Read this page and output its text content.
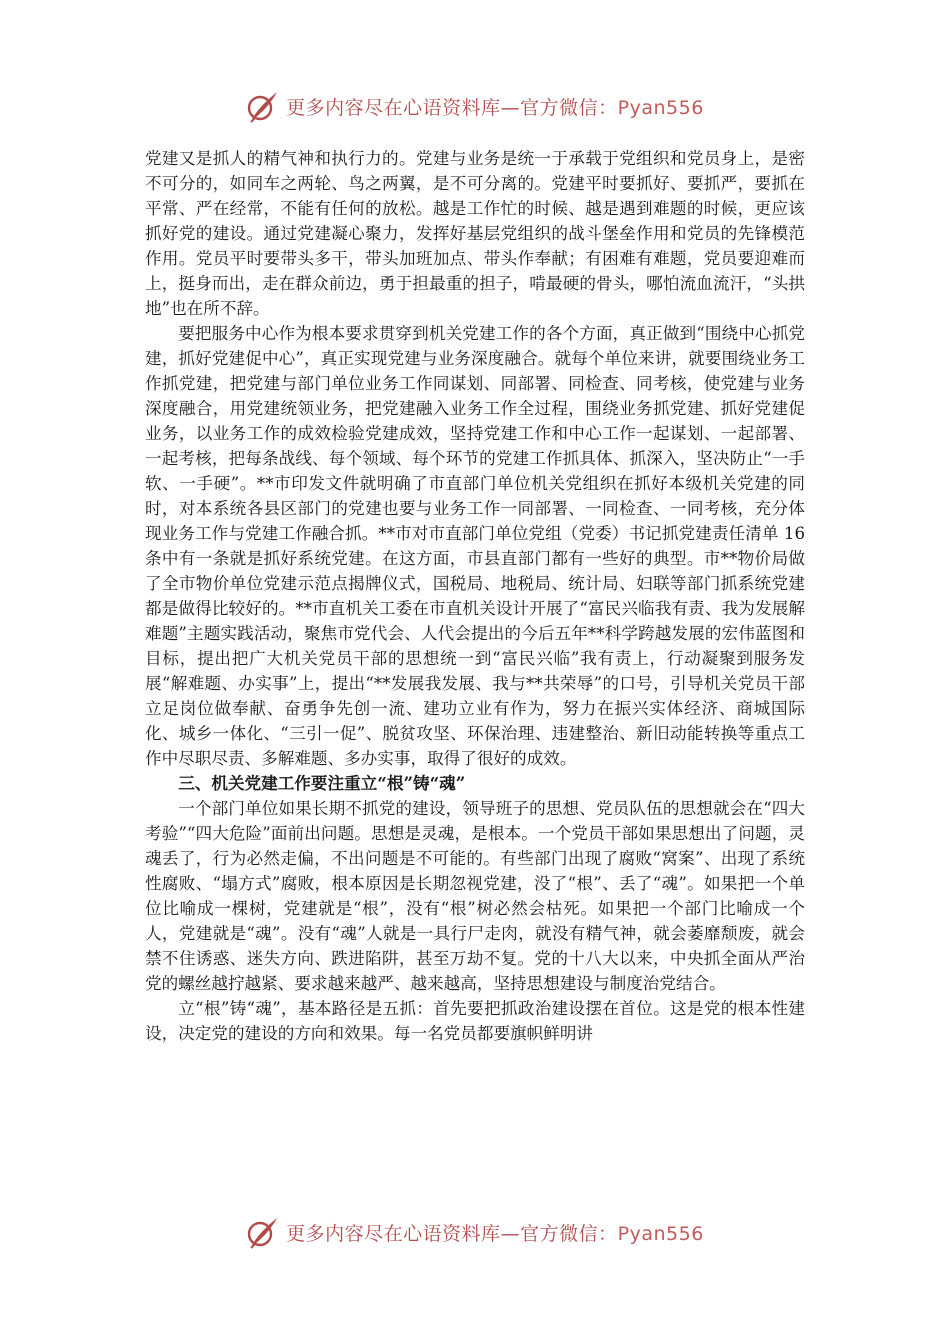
更多内容尽在心语资料库—官方微信：Pyan556

党建又是抓人的精气神和执行力的。党建与业务是统一于承载于党组织和党员身上，是密不可分的，如同车之两轮、鸟之两翼，是不可分离的。党建平时要抓好、要抓严，要抓在平常、严在经常，不能有任何的放松。越是工作忙的时候、越是遇到难题的时候，更应该抓好党的建设。通过党建凝心聚力，发挥好基层党组织的战斗堡垒作用和党员的先锋模范作用。党员平时要带头多干，带头加班加点、带头作奉献；有困难有难题，党员要迎难而上，挺身而出，走在群众前边，勇于担最重的担子，啃最硬的骨头，哪怕流血流汗，“头拱地”也在所不辞。

要把服务中心作为根本要求贯穿到机关党建工作的各个方面，真正做到“围绕中心抓党建，抓好党建促中心”，真正实现党建与业务深度融合。就每个单位来讲，就要围绕业务工作抓党建，把党建与部门单位业务工作同谋划、同部署、同检查、同考核，使党建与业务深度融合，用党建统领业务，把党建融入业务工作全过程，围绕业务抓党建、抓好党建促业务，以业务工作的成效检验党建成效，坚持党建工作和中心工作一起谋划、一起部署、一起考核，把每条战线、每个领域、每个环节的党建工作抓具体、抓深入，坚决防止“一手软、一手硬”。**市印发文件就明确了市直部门单位机关党组织在抓好本级机关党建的同时，对本系统各县区部门的党建也要与业务工作一同部署、一同检查、一同考核，充分体现业务工作与党建工作融合抓。**市对市直部门单位党组（党委）书记抓党建责任清单 16 条中有一条就是抓好系统党建。在这方面，市县直部门都有一些好的典型。市**物价局做了全市物价单位党建示范点揭牌仪式，国税局、地税局、统计局、妇联等部门抓系统党建都是做得比较好的。**市直机关工委在市直机关设计开展了“富民兴临我有责、我为发展解难题”主题实践活动，聚焦市党代会、人代会提出的今后五年**科学跨越发展的宏伟蓝图和目标，提出把广大机关党员干部的思想统一到“富民兴临”我有责上，行动凝聚到服务发展“解难题、办实事”上，提出“**发展我发展、我与**共荣辱”的口号，引导机关党员干部立足岗位做奉献、奋勇争先创一流、建功立业有作为，努力在振兴实体经济、商城国际化、城乡一体化、“三引一促”、脱贫攻坚、环保治理、违建整治、新旧动能转换等重点工作中尽职尽责、多解难题、多办实事，取得了很好的成效。

三、机关党建工作要注重立“根”铸“魂”

一个部门单位如果长期不抓党的建设，领导班子的思想、党员队伍的思想就会在“四大考验”“四大危险”面前出问题。思想是灵魂，是根本。一个党员干部如果思想出了问题，灵魂丢了，行为必然走偏，不出问题是不可能的。有些部门出现了腐败“窝案”、出现了系统性腐败、“塌方式”腐败，根本原因是长期忽视党建，没了“根”、丢了“魂”。如果把一个单位比喻成一棵树，党建就是“根”，没有“根”树必然会枯死。如果把一个部门比喻成一个人，党建就是“魂”。没有“魂”人就是一具行尸走肉，就没有精气神，就会萎靡颓废，就会禁不住诱惑、迷失方向、跌进陷阱，甚至万劫不复。党的十八大以来，中央抓全面从严治党的螺丝越拧越紧、要求越来越严、越来越高，坚持思想建设与制度治党结合。

立“根”铸“魂”，基本路径是五抓：首先要把抓政治建设摆在首位。这是党的根本性建设，决定党的建设的方向和效果。每一名党员都要旗帜鲜明讲

更多内容尽在心语资料库—官方微信：Pyan556
